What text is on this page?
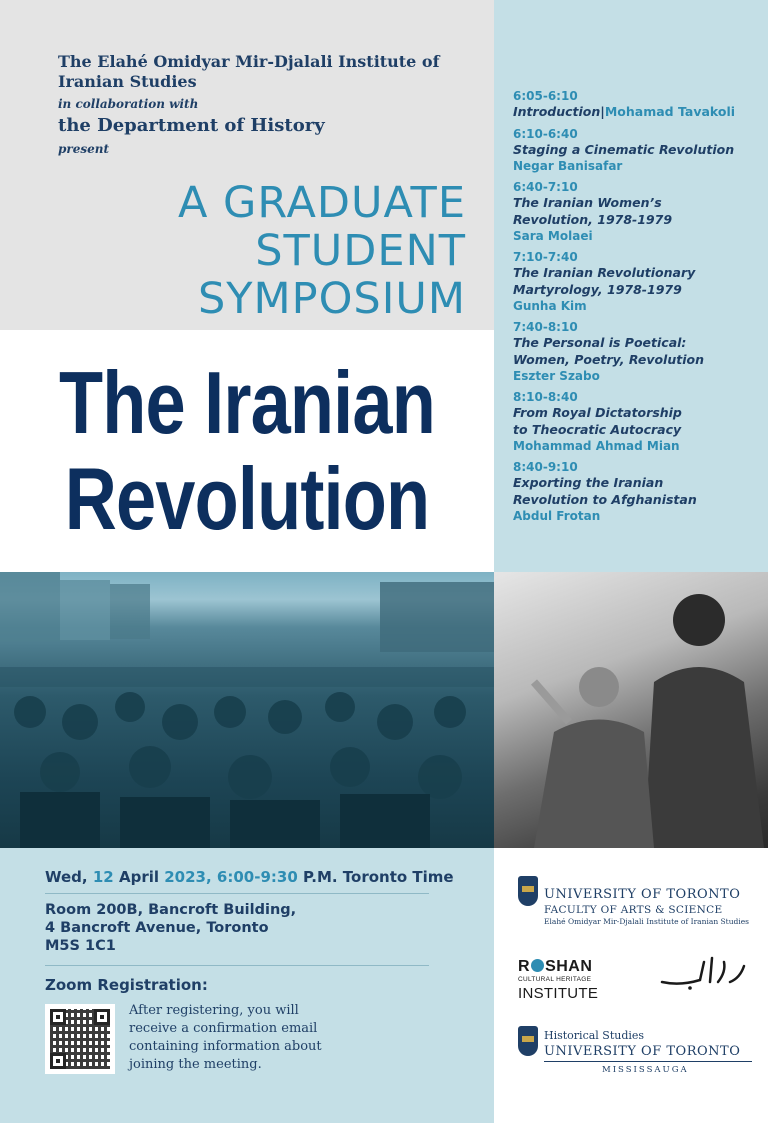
The Elahé Omidyar Mir-Djalali Institute of
Iranian Studies
in collaboration with
the Department of History
present
A GRADUATE
STUDENT
SYMPOSIUM
The Iranian
Revolution
6:05-6:10
Introduction|Mohamad Tavakoli
6:10-6:40
Staging a Cinematic Revolution
Negar Banisafar
6:40-7:10
The Iranian Women’s
Revolution, 1978-1979
Sara Molaei
7:10-7:40
The Iranian Revolutionary
Martyrology, 1978-1979
Gunha Kim
7:40-8:10
The Personal is Poetical:
Women, Poetry, Revolution
Eszter Szabo
8:10-8:40
From Royal Dictatorship
to Theocratic Autocracy
Mohammad Ahmad Mian
8:40-9:10
Exporting the Iranian
Revolution to Afghanistan
Abdul Frotan
Wed, 12 April 2023, 6:00-9:30 P.M. Toronto Time
Room 200B, Bancroft Building,
4 Bancroft Avenue, Toronto
M5S 1C1
Zoom Registration:
After registering, you will
receive a confirmation email
containing information about
joining the meeting.
UNIVERSITY OF TORONTO
FACULTY OF ARTS & SCIENCE
Elahé Omidyar Mir-Djalali Institute of Iranian Studies
R SHAN
CULTURAL HERITAGE
INSTITUTE
Historical Studies
UNIVERSITY OF TORONTO
MISSISSAUGA
